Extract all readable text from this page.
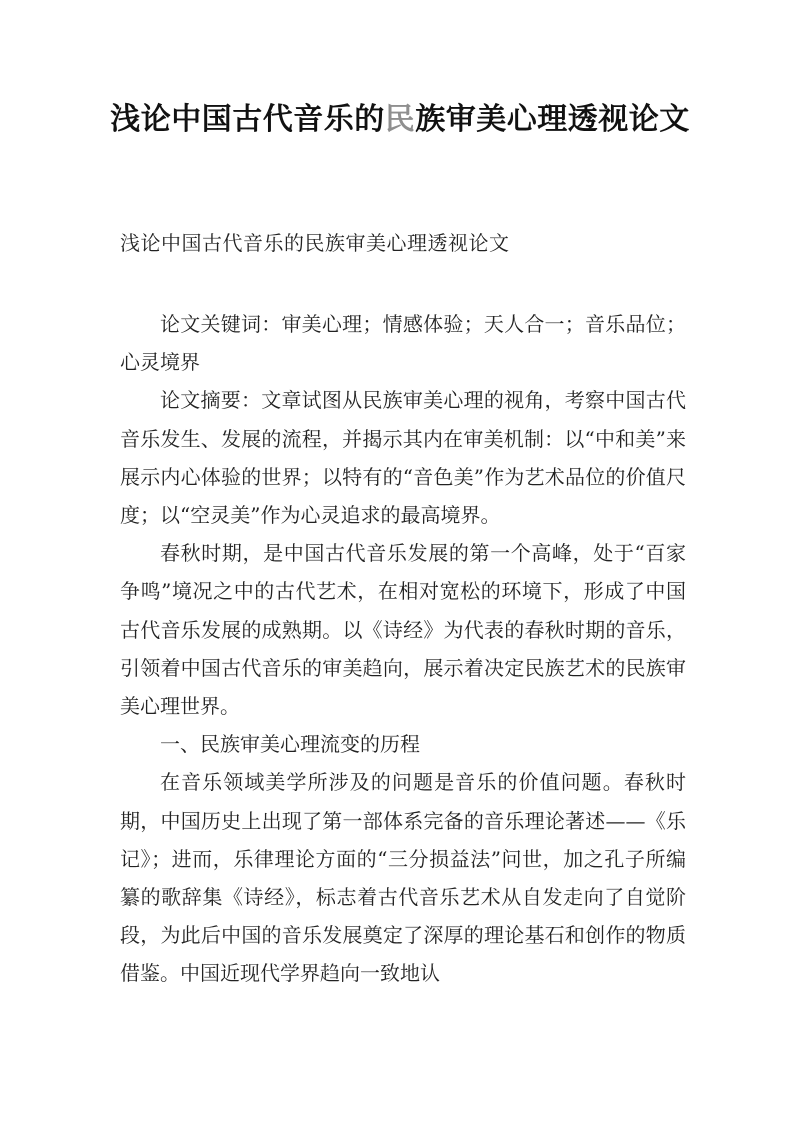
浅论中国古代音乐的民族审美心理透视论文

浅论中国古代音乐的民族审美心理透视论文

论文关键词：审美心理；情感体验；天人合一；音乐品位；心灵境界

论文摘要：文章试图从民族审美心理的视角，考察中国古代音乐发生、发展的流程，并揭示其内在审美机制：以“中和美”来展示内心体验的世界；以特有的“音色美”作为艺术品位的价值尺度；以“空灵美”作为心灵追求的最高境界。

春秋时期，是中国古代音乐发展的第一个高峰，处于“百家争鸣”境况之中的古代艺术，在相对宽松的环境下，形成了中国古代音乐发展的成熟期。以《诗经》为代表的春秋时期的音乐，引领着中国古代音乐的审美趋向，展示着决定民族艺术的民族审美心理世界。

一、民族审美心理流变的历程

在音乐领域美学所涉及的问题是音乐的价值问题。春秋时期，中国历史上出现了第一部体系完备的音乐理论著述——《乐记》；进而，乐律理论方面的“三分损益法”问世，加之孔子所编纂的歌辞集《诗经》，标志着古代音乐艺术从自发走向了自觉阶段，为此后中国的音乐发展奠定了深厚的理论基石和创作的物质借鉴。中国近现代学界趋向一致地认
